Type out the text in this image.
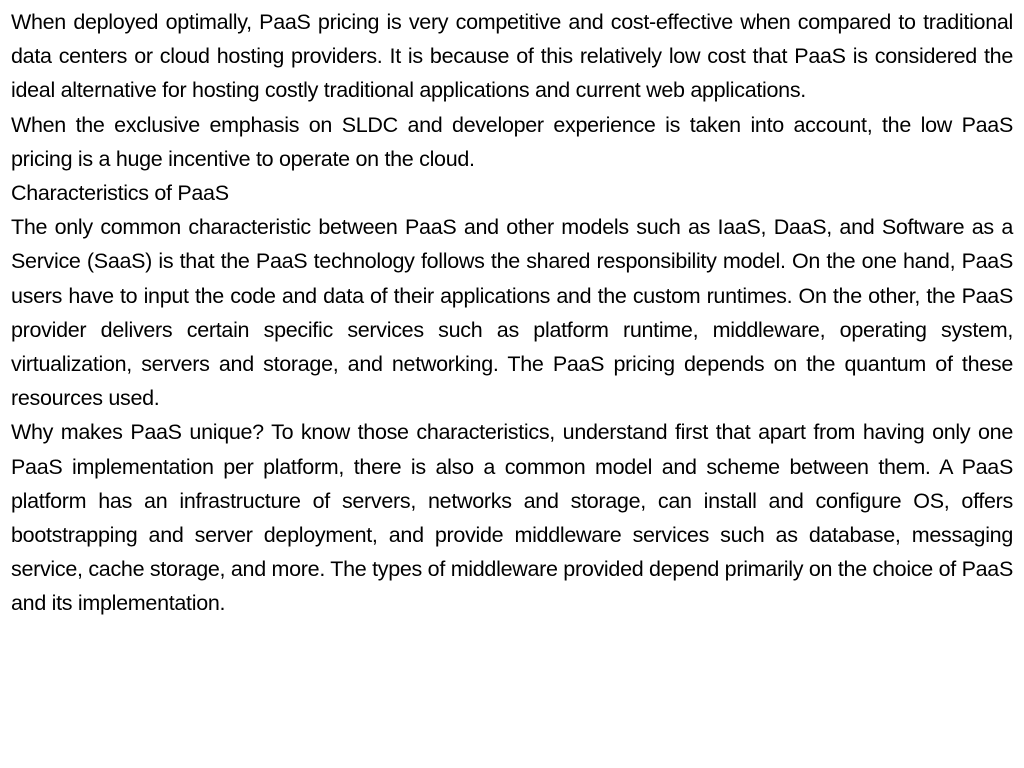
When deployed optimally, PaaS pricing is very competitive and cost-effective when compared to traditional data centers or cloud hosting providers. It is because of this relatively low cost that PaaS is considered the ideal alternative for hosting costly traditional applications and current web applications.

When the exclusive emphasis on SLDC and developer experience is taken into account, the low PaaS pricing is a huge incentive to operate on the cloud.

Characteristics of PaaS

The only common characteristic between PaaS and other models such as IaaS, DaaS, and Software as a Service (SaaS) is that the PaaS technology follows the shared responsibility model. On the one hand, PaaS users have to input the code and data of their applications and the custom runtimes. On the other, the PaaS provider delivers certain specific services such as platform runtime, middleware, operating system, virtualization, servers and storage, and networking. The PaaS pricing depends on the quantum of these resources used.

Why makes PaaS unique? To know those characteristics, understand first that apart from having only one PaaS implementation per platform, there is also a common model and scheme between them. A PaaS platform has an infrastructure of servers, networks and storage, can install and configure OS, offers bootstrapping and server deployment, and provide middleware services such as database, messaging service, cache storage, and more. The types of middleware provided depend primarily on the choice of PaaS and its implementation.
